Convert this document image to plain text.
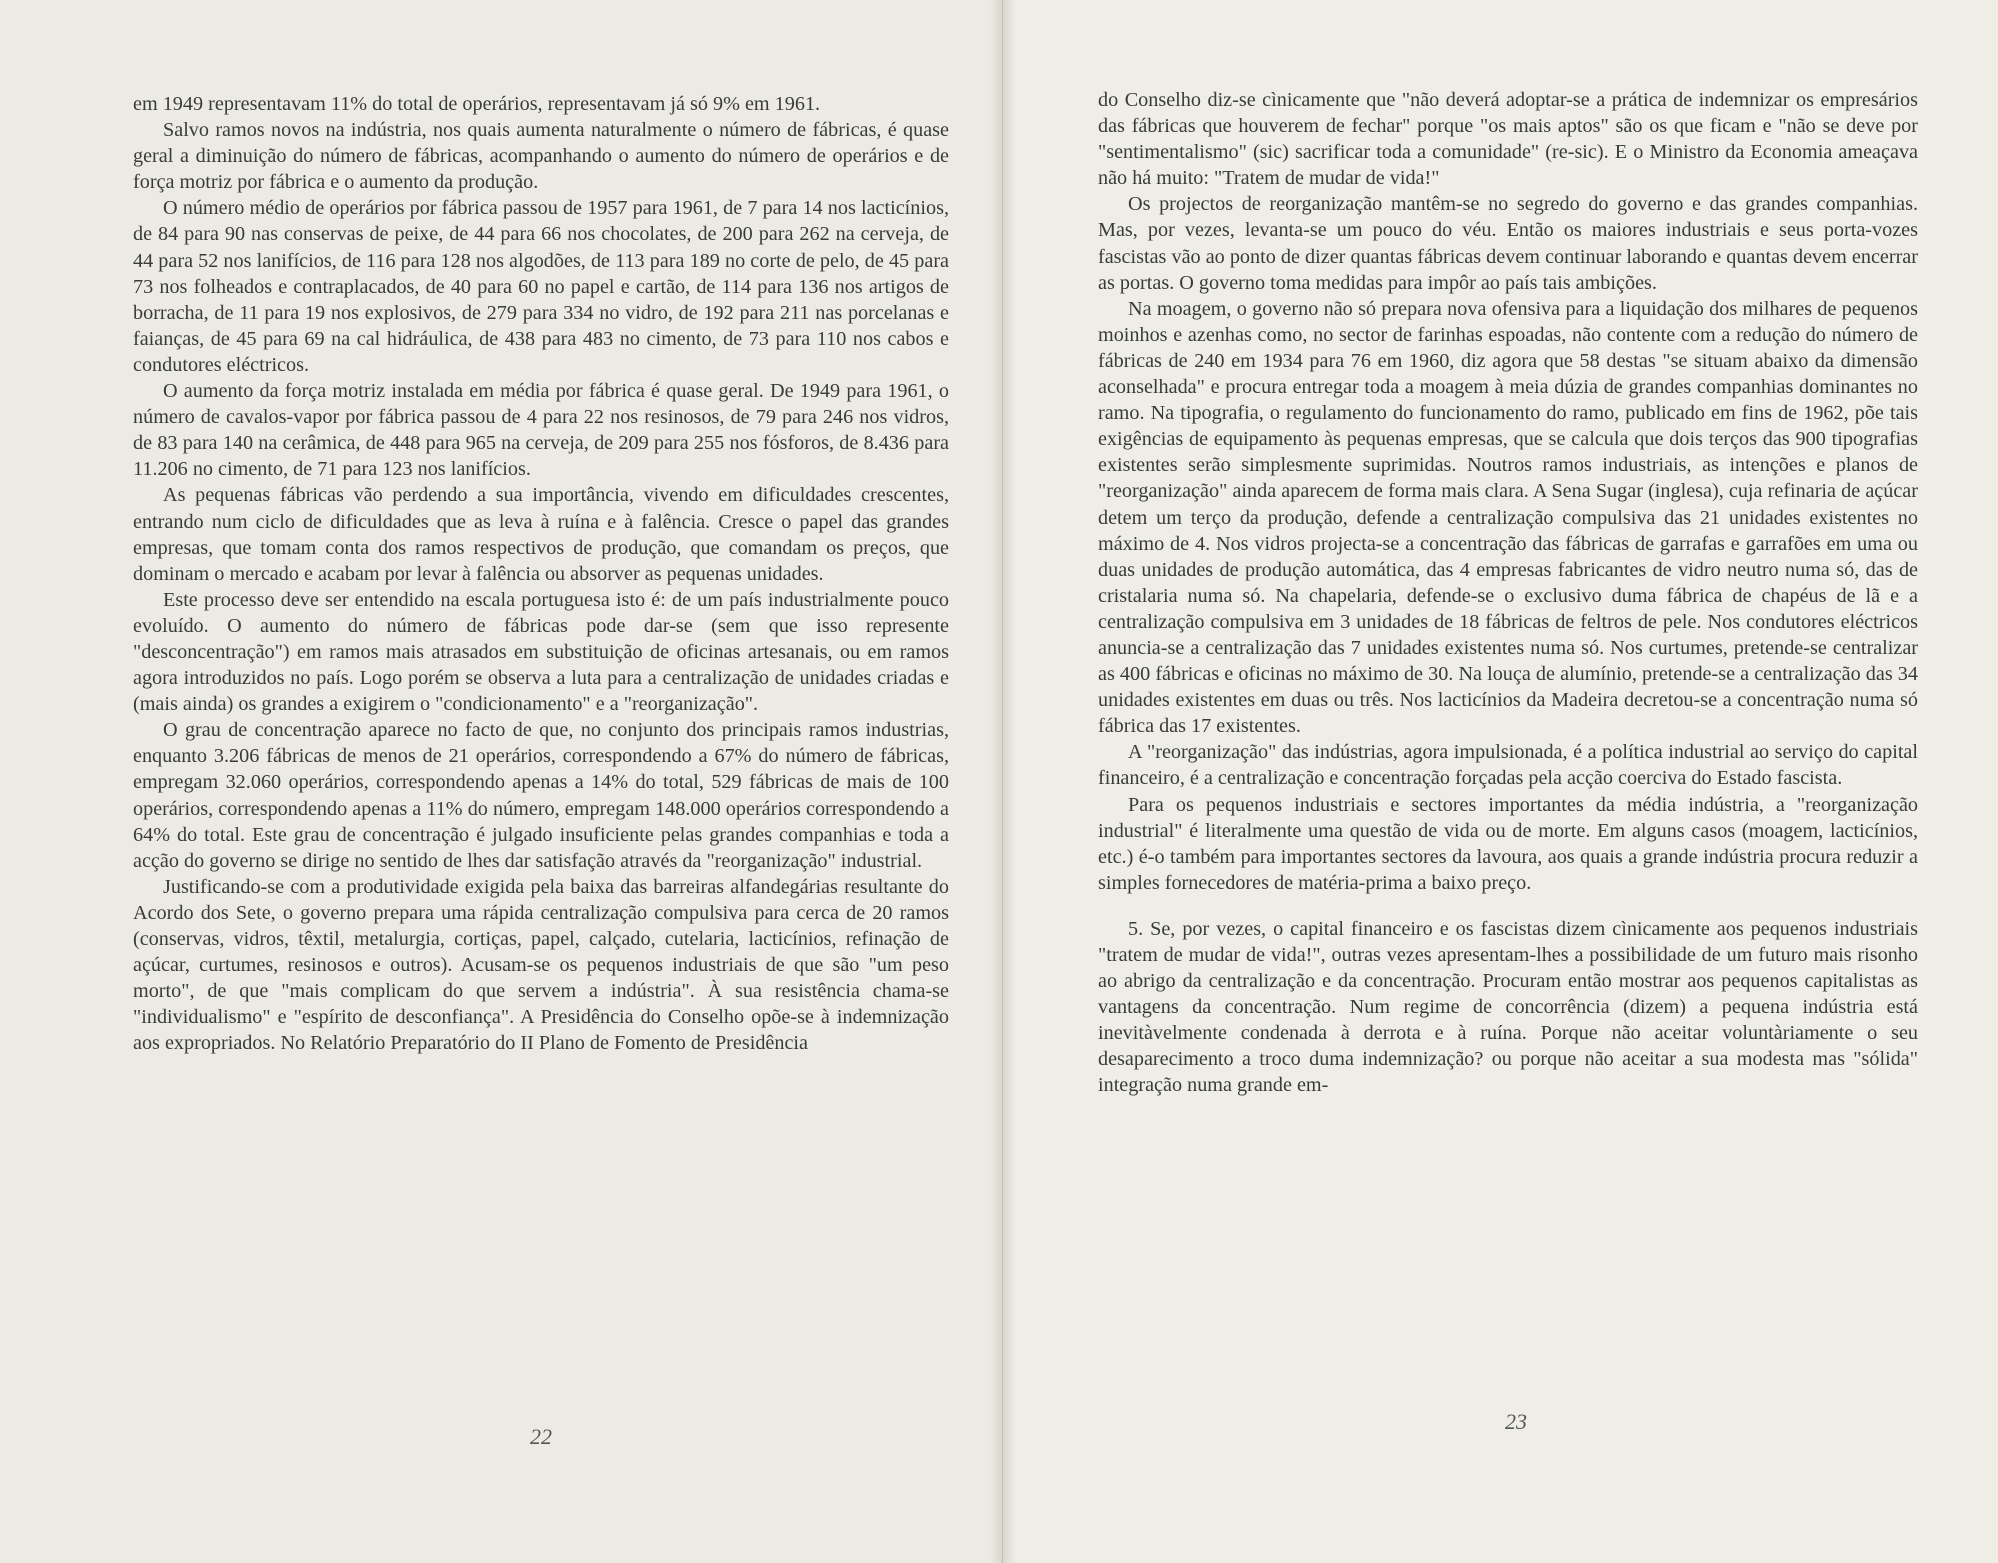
em 1949 representavam 11% do total de operários, representavam já só 9% em 1961.

Salvo ramos novos na indústria, nos quais aumenta naturalmente o número de fábricas, é quase geral a diminuição do número de fábricas, acompanhando o aumento do número de operários e de força motriz por fábrica e o aumento da produção.

O número médio de operários por fábrica passou de 1957 para 1961, de 7 para 14 nos lacticínios, de 84 para 90 nas conservas de peixe, de 44 para 66 nos chocolates, de 200 para 262 na cerveja, de 44 para 52 nos lanifícios, de 116 para 128 nos algodões, de 113 para 189 no corte de pelo, de 45 para 73 nos folheados e contraplacados, de 40 para 60 no papel e cartão, de 114 para 136 nos artigos de borracha, de 11 para 19 nos explosivos, de 279 para 334 no vidro, de 192 para 211 nas porcelanas e faianças, de 45 para 69 na cal hidráulica, de 438 para 483 no cimento, de 73 para 110 nos cabos e condutores eléctricos.

O aumento da força motriz instalada em média por fábrica é quase geral. De 1949 para 1961, o número de cavalos-vapor por fábrica passou de 4 para 22 nos resinosos, de 79 para 246 nos vidros, de 83 para 140 na cerâmica, de 448 para 965 na cerveja, de 209 para 255 nos fósforos, de 8.436 para 11.206 no cimento, de 71 para 123 nos lanifícios.

As pequenas fábricas vão perdendo a sua importância, vivendo em dificuldades crescentes, entrando num ciclo de dificuldades que as leva à ruína e à falência. Cresce o papel das grandes empresas, que tomam conta dos ramos respectivos de produção, que comandam os preços, que dominam o mercado e acabam por levar à falência ou absorver as pequenas unidades.

Este processo deve ser entendido na escala portuguesa isto é: de um país industrialmente pouco evoluído. O aumento do número de fábricas pode dar-se (sem que isso represente "desconcentração") em ramos mais atrasados em substituição de oficinas artesanais, ou em ramos agora introduzidos no país. Logo porém se observa a luta para a centralização de unidades criadas e (mais ainda) os grandes a exigirem o "condicionamento" e a "reorganização".

O grau de concentração aparece no facto de que, no conjunto dos principais ramos industrias, enquanto 3.206 fábricas de menos de 21 operários, correspondendo a 67% do número de fábricas, empregam 32.060 operários, correspondendo apenas a 14% do total, 529 fábricas de mais de 100 operários, correspondendo apenas a 11% do número, empregam 148.000 operários correspondendo a 64% do total. Este grau de concentração é julgado insuficiente pelas grandes companhias e toda a acção do governo se dirige no sentido de lhes dar satisfação através da "reorganização" industrial.

Justificando-se com a produtividade exigida pela baixa das barreiras alfandegárias resultante do Acordo dos Sete, o governo prepara uma rápida centralização compulsiva para cerca de 20 ramos (conservas, vidros, têxtil, metalurgia, cortiças, papel, calçado, cutelaria, lacticínios, refinação de açúcar, curtumes, resinosos e outros). Acusam-se os pequenos industriais de que são "um peso morto", de que "mais complicam do que servem a indústria". À sua resistência chama-se "individualismo" e "espírito de desconfiança". A Presidência do Conselho opõe-se à indemnização aos expropriados. No Relatório Preparatório do II Plano de Fomento de Presidência

22

do Conselho diz-se cìnicamente que "não deverá adoptar-se a prática de indemnizar os empresários das fábricas que houverem de fechar" porque "os mais aptos" são os que ficam e "não se deve por "sentimentalismo" (sic) sacrificar toda a comunidade" (re-sic). E o Ministro da Economia ameaçava não há muito: "Tratem de mudar de vida!"

Os projectos de reorganização mantêm-se no segredo do governo e das grandes companhias. Mas, por vezes, levanta-se um pouco do véu. Então os maiores industriais e seus porta-vozes fascistas vão ao ponto de dizer quantas fábricas devem continuar laborando e quantas devem encerrar as portas. O governo toma medidas para impôr ao país tais ambições.

Na moagem, o governo não só prepara nova ofensiva para a liquidação dos milhares de pequenos moinhos e azenhas como, no sector de farinhas espoadas, não contente com a redução do número de fábricas de 240 em 1934 para 76 em 1960, diz agora que 58 destas "se situam abaixo da dimensão aconselhada" e procura entregar toda a moagem à meia dúzia de grandes companhias dominantes no ramo. Na tipografia, o regulamento do funcionamento do ramo, publicado em fins de 1962, põe tais exigências de equipamento às pequenas empresas, que se calcula que dois terços das 900 tipografias existentes serão simplesmente suprimidas. Noutros ramos industriais, as intenções e planos de "reorganização" ainda aparecem de forma mais clara. A Sena Sugar (inglesa), cuja refinaria de açúcar detem um terço da produção, defende a centralização compulsiva das 21 unidades existentes no máximo de 4. Nos vidros projecta-se a concentração das fábricas de garrafas e garrafões em uma ou duas unidades de produção automática, das 4 empresas fabricantes de vidro neutro numa só, das de cristalaria numa só. Na chapelaria, defende-se o exclusivo duma fábrica de chapéus de lã e a centralização compulsiva em 3 unidades de 18 fábricas de feltros de pele. Nos condutores eléctricos anuncia-se a centralização das 7 unidades existentes numa só. Nos curtumes, pretende-se centralizar as 400 fábricas e oficinas no máximo de 30. Na louça de alumínio, pretende-se a centralização das 34 unidades existentes em duas ou três. Nos lacticínios da Madeira decretou-se a concentração numa só fábrica das 17 existentes.

A "reorganização" das indústrias, agora impulsionada, é a política industrial ao serviço do capital financeiro, é a centralização e concentração forçadas pela acção coerciva do Estado fascista.

Para os pequenos industriais e sectores importantes da média indústria, a "reorganização industrial" é literalmente uma questão de vida ou de morte. Em alguns casos (moagem, lacticínios, etc.) é-o também para importantes sectores da lavoura, aos quais a grande indústria procura reduzir a simples fornecedores de matéria-prima a baixo preço.

5. Se, por vezes, o capital financeiro e os fascistas dizem cìnicamente aos pequenos industriais "tratem de mudar de vida!", outras vezes apresentam-lhes a possibilidade de um futuro mais risonho ao abrigo da centralização e da concentração. Procuram então mostrar aos pequenos capitalistas as vantagens da concentração. Num regime de concorrência (dizem) a pequena indústria está inevitàvelmente condenada à derrota e à ruína. Porque não aceitar voluntàriamente o seu desaparecimento a troco duma indemnização? ou porque não aceitar a sua modesta mas "sólida" integração numa grande em-

23
